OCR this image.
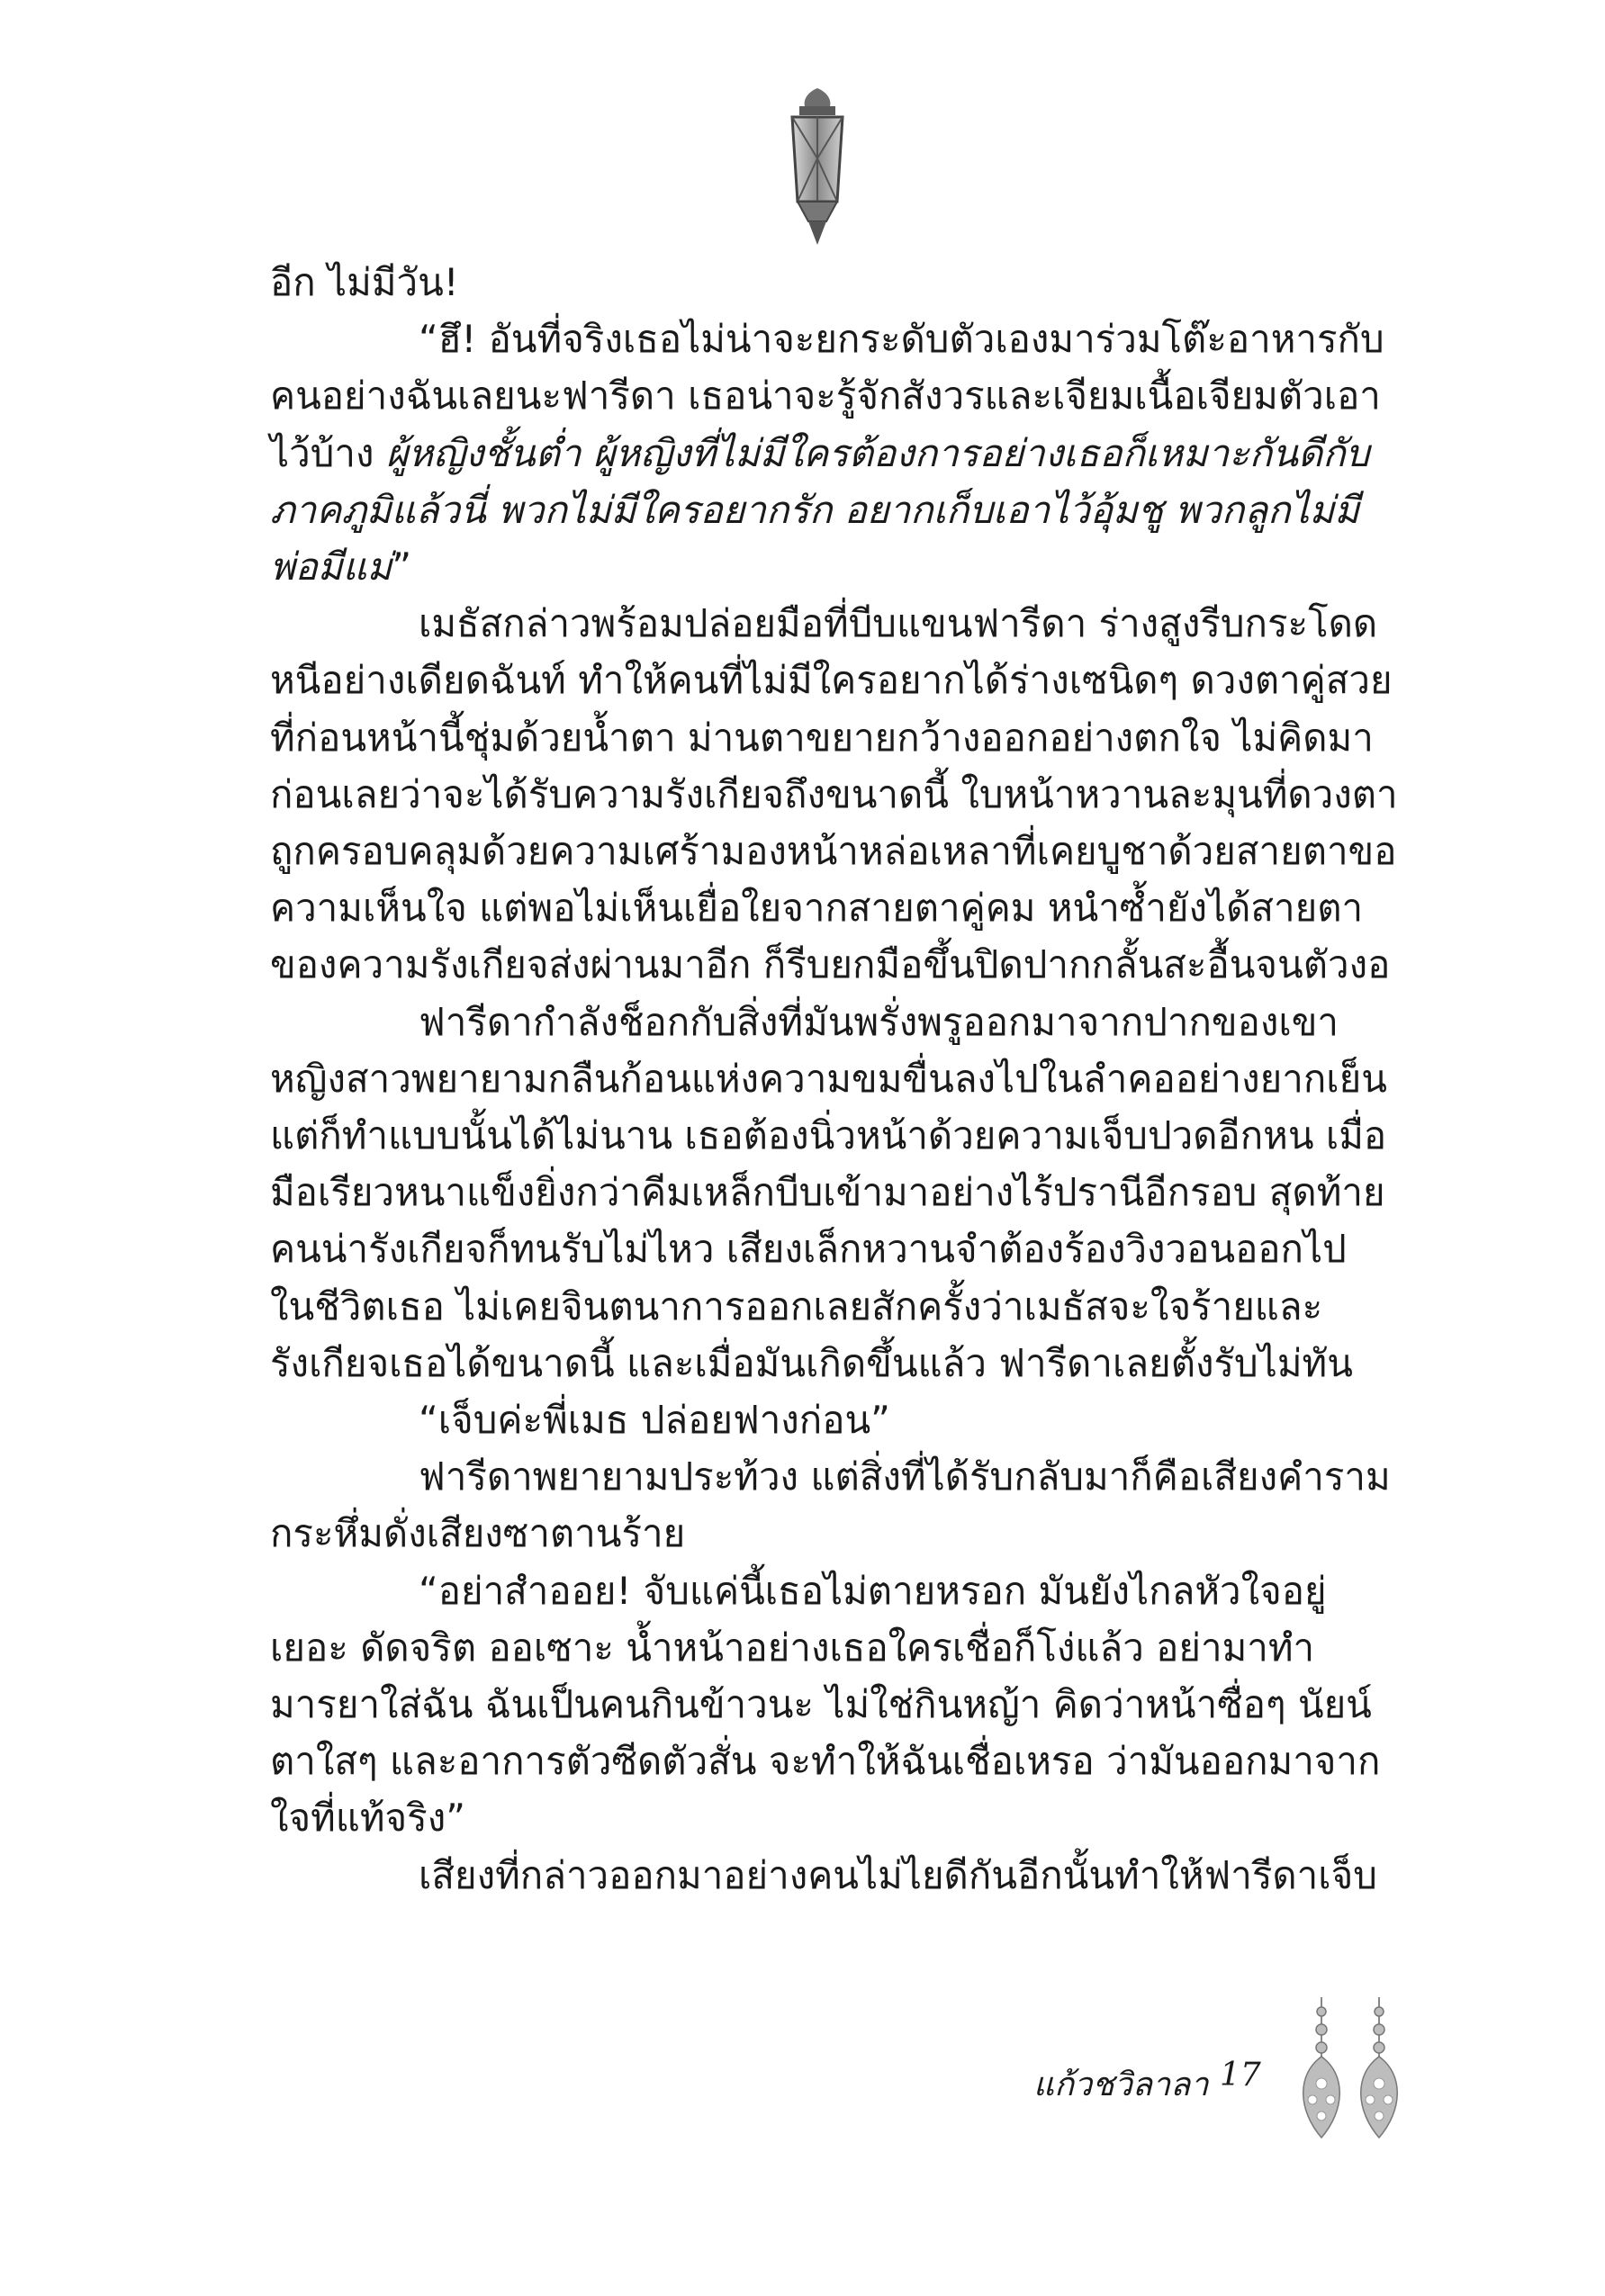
อีก ไม่มีวัน!

“ฮึ! อันที่จริงเธอไม่น่าจะยกระดับตัวเองมาร่วมโต๊ะอาหารกับคนอย่างฉันเลยนะฟารีดา เธอน่าจะรู้จักสังวรและเจียมเนื้อเจียมตัวเอาไว้บ้าง ผู้หญิงชั้นต่ำ ผู้หญิงที่ไม่มีใครต้องการอย่างเธอก็เหมาะกันดีกับภาคภูมิแล้วนี่ พวกไม่มีใครอยากรัก อยากเก็บเอาไว้อุ้มชู พวกลูกไม่มีพ่อมีแม่”

เมธัสกล่าวพร้อมปล่อยมือที่บีบแขนฟารีดา ร่างสูงรีบกระโดดหนีอย่างเดียดฉันท์ ทำให้คนที่ไม่มีใครอยากได้ร่างเซนิดๆ ดวงตาคู่สวยที่ก่อนหน้านี้ชุ่มด้วยน้ำตา ม่านตาขยายกว้างออกอย่างตกใจ ไม่คิดมาก่อนเลยว่าจะได้รับความรังเกียจถึงขนาดนี้ ใบหน้าหวานละมุนที่ดวงตาถูกครอบคลุมด้วยความเศร้ามองหน้าหล่อเหลาที่เคยบูชาด้วยสายตาขอความเห็นใจ แต่พอไม่เห็นเยื่อใยจากสายตาคู่คม หนำซ้ำยังได้สายตาของความรังเกียจส่งผ่านมาอีก ก็รีบยกมือขึ้นปิดปากกลั้นสะอื้นจนตัวงอ

ฟารีดากำลังช็อกกับสิ่งที่มันพรั่งพรูออกมาจากปากของเขา หญิงสาวพยายามกลืนก้อนแห่งความขมขื่นลงไปในลำคออย่างยากเย็น แต่ก็ทำแบบนั้นได้ไม่นาน เธอต้องนิ่วหน้าด้วยความเจ็บปวดอีกหน เมื่อมือเรียวหนาแข็งยิ่งกว่าคีมเหล็กบีบเข้ามาอย่างไร้ปรานีอีกรอบ สุดท้ายคนน่ารังเกียจก็ทนรับไม่ไหว เสียงเล็กหวานจำต้องร้องวิงวอนออกไป ในชีวิตเธอ ไม่เคยจินตนาการออกเลยสักครั้งว่าเมธัสจะใจร้ายและรังเกียจเธอได้ขนาดนี้ และเมื่อมันเกิดขึ้นแล้ว ฟารีดาเลยตั้งรับไม่ทัน

“เจ็บค่ะพี่เมธ ปล่อยฟางก่อน”

ฟารีดาพยายามประท้วง แต่สิ่งที่ได้รับกลับมาก็คือเสียงคำรามกระหึ่มดั่งเสียงซาตานร้าย

“อย่าสำออย! จับแค่นี้เธอไม่ตายหรอก มันยังไกลหัวใจอยู่เยอะ ดัดจริต ออเซาะ น้ำหน้าอย่างเธอใครเชื่อก็โง่แล้ว อย่ามาทำมารยาใส่ฉัน ฉันเป็นคนกินข้าวนะ ไม่ใช่กินหญ้า คิดว่าหน้าซื่อๆ นัยน์ตาใสๆ และอาการตัวซีดตัวสั่น จะทำให้ฉันเชื่อเหรอ ว่ามันออกมาจากใจที่แท้จริง”

เสียงที่กล่าวออกมาอย่างคนไม่ไยดีกันอีกนั้นทำให้ฟารีดาเจ็บ

แก้วชวิลาลา 17
